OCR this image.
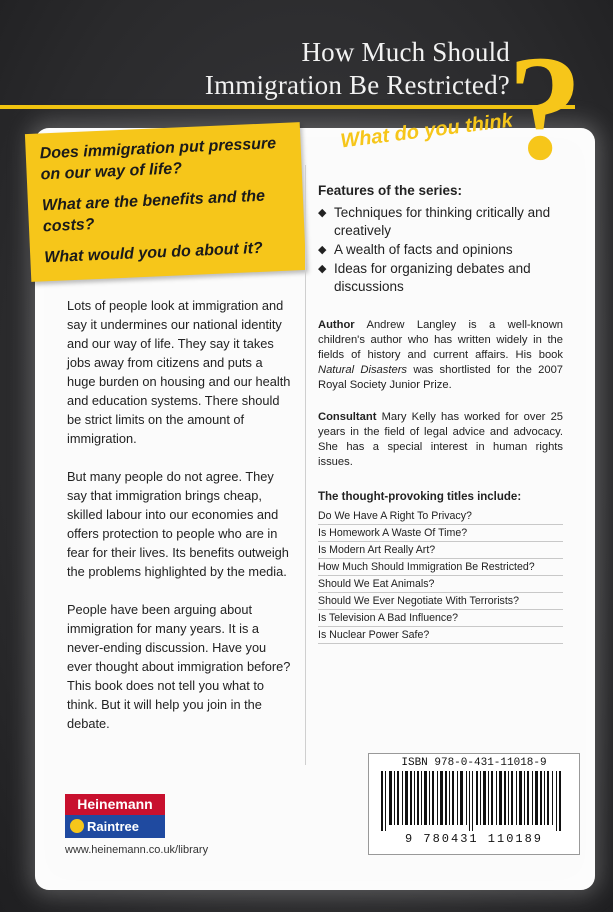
How Much Should
Immigration Be Restricted?
?
What do you think

Does immigration put pressure on our way of life?

What are the benefits and the costs?

What would you do about it?

Lots of people look at immigration and say it undermines our national identity and our way of life. They say it takes jobs away from citizens and puts a huge burden on housing and our health and education systems. There should be strict limits on the amount of immigration.

But many people do not agree. They say that immigration brings cheap, skilled labour into our economies and offers protection to people who are in fear for their lives. Its benefits outweigh the problems highlighted by the media.

People have been arguing about immigration for many years. It is a never-ending discussion. Have you ever thought about immigration before? This book does not tell you what to think. But it will help you join in the debate.

Features of the series:
◆ Techniques for thinking critically and creatively
◆ A wealth of facts and opinions
◆ Ideas for organizing debates and discussions
Author Andrew Langley is a well-known children's author who has written widely in the fields of history and current affairs. His book Natural Disasters was shortlisted for the 2007 Royal Society Junior Prize.
Consultant Mary Kelly has worked for over 25 years in the field of legal advice and advocacy. She has a special interest in human rights issues.
The thought-provoking titles include:
Do We Have A Right To Privacy?
Is Homework A Waste Of Time?
Is Modern Art Really Art?
How Much Should Immigration Be Restricted?
Should We Eat Animals?
Should We Ever Negotiate With Terrorists?
Is Television A Bad Influence?
Is Nuclear Power Safe?
ISBN 978-0-431-11018-9
9 780431 110189
Heinemann
Raintree
www.heinemann.co.uk/library
